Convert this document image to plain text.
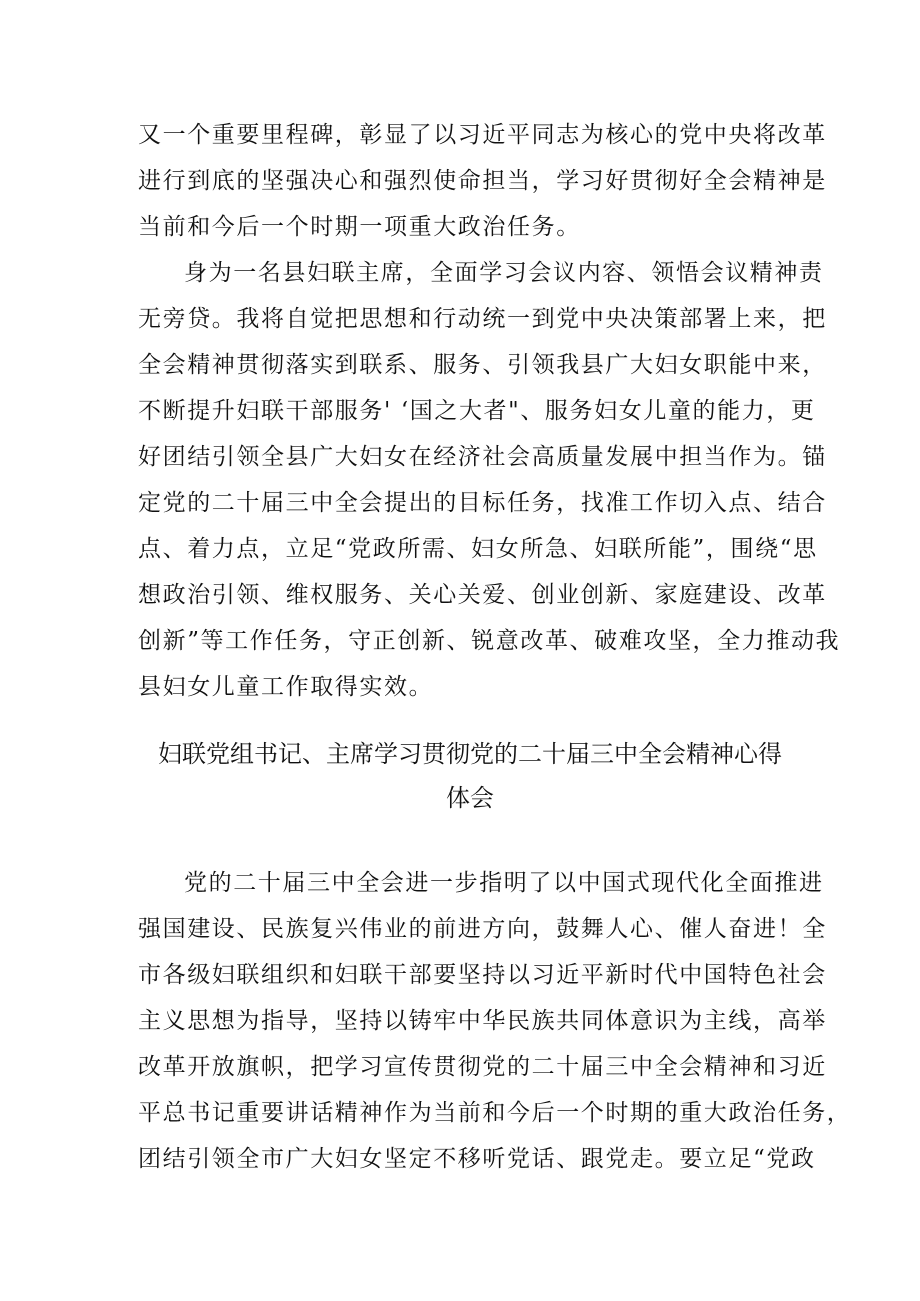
又一个重要里程碑，彰显了以习近平同志为核心的党中央将改革
进行到底的坚强决心和强烈使命担当，学习好贯彻好全会精神是
当前和今后一个时期一项重大政治任务。
身为一名县妇联主席，全面学习会议内容、领悟会议精神责
无旁贷。我将自觉把思想和行动统一到党中央决策部署上来，把
全会精神贯彻落实到联系、服务、引领我县广大妇女职能中来，
不断提升妇联干部服务' ‘国之大者"、服务妇女儿童的能力，更
好团结引领全县广大妇女在经济社会高质量发展中担当作为。锚
定党的二十届三中全会提出的目标任务，找准工作切入点、结合
点、着力点，立足“党政所需、妇女所急、妇联所能”，围绕“思
想政治引领、维权服务、关心关爱、创业创新、家庭建设、改革
创新”等工作任务，守正创新、锐意改革、破难攻坚，全力推动我
县妇女儿童工作取得实效。
妇联党组书记、主席学习贯彻党的二十届三中全会精神心得
体会
党的二十届三中全会进一步指明了以中国式现代化全面推进
强国建设、民族复兴伟业的前进方向，鼓舞人心、催人奋进！全
市各级妇联组织和妇联干部要坚持以习近平新时代中国特色社会
主义思想为指导，坚持以铸牢中华民族共同体意识为主线，高举
改革开放旗帜，把学习宣传贯彻党的二十届三中全会精神和习近
平总书记重要讲话精神作为当前和今后一个时期的重大政治任务，
团结引领全市广大妇女坚定不移听党话、跟党走。要立足“党政
